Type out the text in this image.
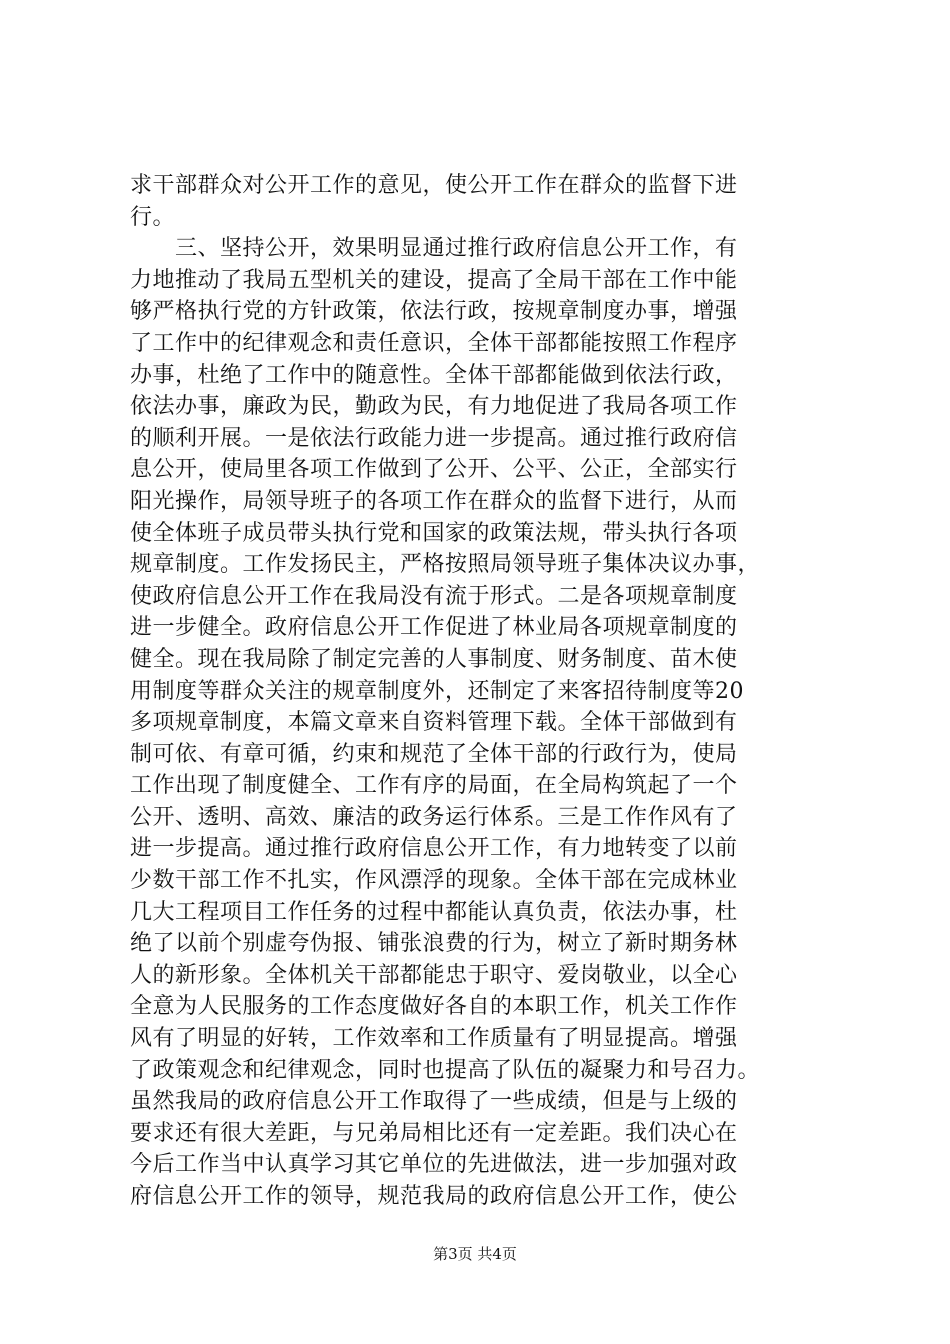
求干部群众对公开工作的意见，使公开工作在群众的监督下进
行。
　　三、坚持公开，效果明显通过推行政府信息公开工作，有
力地推动了我局五型机关的建设，提高了全局干部在工作中能
够严格执行党的方针政策，依法行政，按规章制度办事，增强
了工作中的纪律观念和责任意识，全体干部都能按照工作程序
办事，杜绝了工作中的随意性。全体干部都能做到依法行政，
依法办事，廉政为民，勤政为民，有力地促进了我局各项工作
的顺利开展。一是依法行政能力进一步提高。通过推行政府信
息公开，使局里各项工作做到了公开、公平、公正，全部实行
阳光操作，局领导班子的各项工作在群众的监督下进行，从而
使全体班子成员带头执行党和国家的政策法规，带头执行各项
规章制度。工作发扬民主，严格按照局领导班子集体决议办事，
使政府信息公开工作在我局没有流于形式。二是各项规章制度
进一步健全。政府信息公开工作促进了林业局各项规章制度的
健全。现在我局除了制定完善的人事制度、财务制度、苗木使
用制度等群众关注的规章制度外，还制定了来客招待制度等20
多项规章制度，本篇文章来自资料管理下载。全体干部做到有
制可依、有章可循，约束和规范了全体干部的行政行为，使局
工作出现了制度健全、工作有序的局面，在全局构筑起了一个
公开、透明、高效、廉洁的政务运行体系。三是工作作风有了
进一步提高。通过推行政府信息公开工作，有力地转变了以前
少数干部工作不扎实，作风漂浮的现象。全体干部在完成林业
几大工程项目工作任务的过程中都能认真负责，依法办事，杜
绝了以前个别虚夸伪报、铺张浪费的行为，树立了新时期务林
人的新形象。全体机关干部都能忠于职守、爱岗敬业，以全心
全意为人民服务的工作态度做好各自的本职工作，机关工作作
风有了明显的好转，工作效率和工作质量有了明显提高。增强
了政策观念和纪律观念，同时也提高了队伍的凝聚力和号召力。
虽然我局的政府信息公开工作取得了一些成绩，但是与上级的
要求还有很大差距，与兄弟局相比还有一定差距。我们决心在
今后工作当中认真学习其它单位的先进做法，进一步加强对政
府信息公开工作的领导，规范我局的政府信息公开工作，使公
第3页 共4页
